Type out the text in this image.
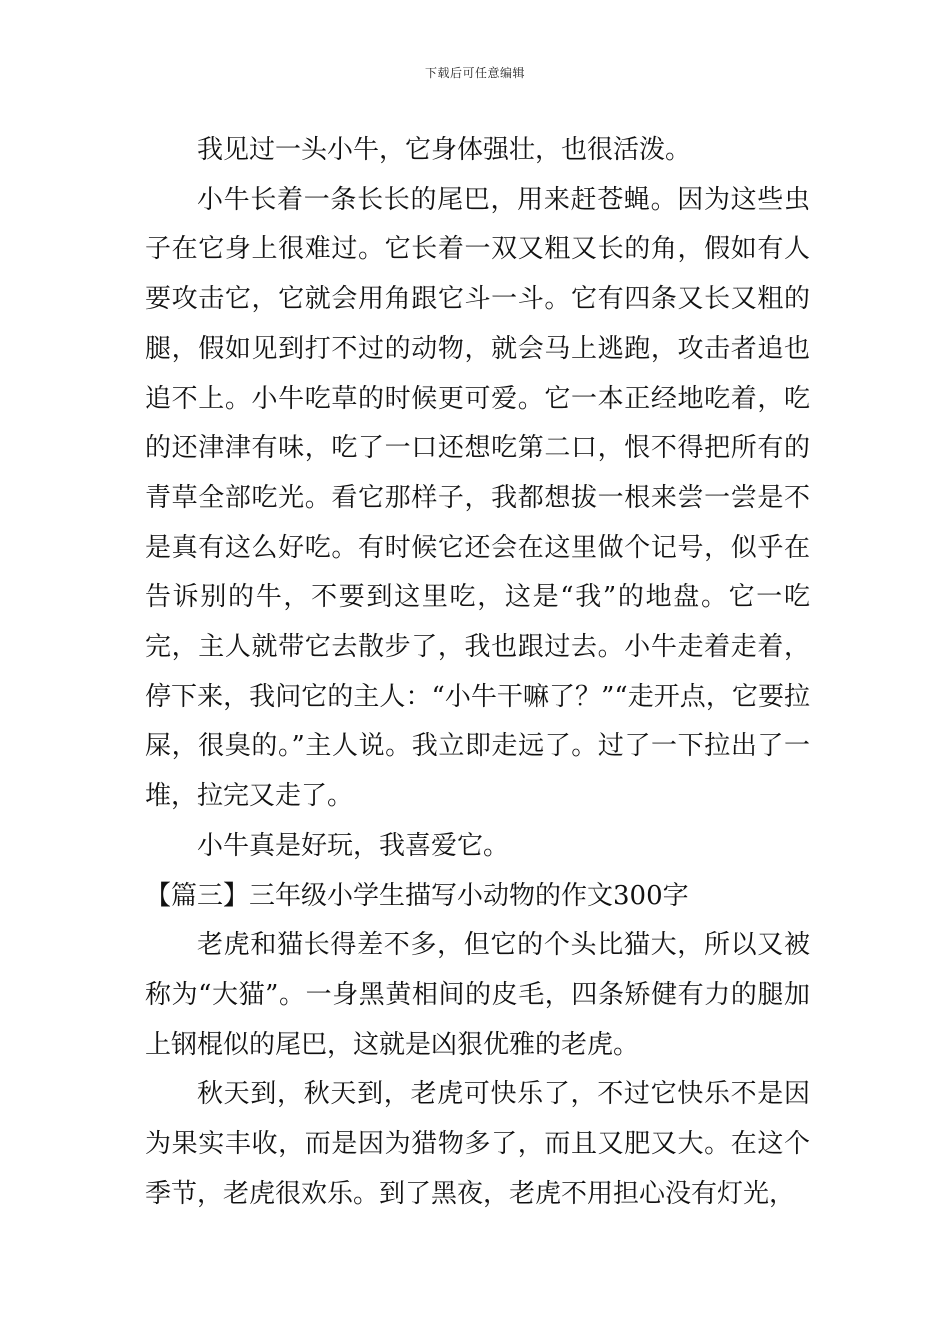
下载后可任意编辑

我见过一头小牛，它身体强壮，也很活泼。

小牛长着一条长长的尾巴，用来赶苍蝇。因为这些虫子在它身上很难过。它长着一双又粗又长的角，假如有人要攻击它，它就会用角跟它斗一斗。它有四条又长又粗的腿，假如见到打不过的动物，就会马上逃跑，攻击者追也追不上。小牛吃草的时候更可爱。它一本正经地吃着，吃的还津津有味，吃了一口还想吃第二口，恨不得把所有的青草全部吃光。看它那样子，我都想拔一根来尝一尝是不是真有这么好吃。有时候它还会在这里做个记号，似乎在告诉别的牛，不要到这里吃，这是“我”的地盘。它一吃完，主人就带它去散步了，我也跟过去。小牛走着走着，停下来，我问它的主人：“小牛干嘛了？”“走开点，它要拉屎，很臭的。”主人说。我立即走远了。过了一下拉出了一堆，拉完又走了。

小牛真是好玩，我喜爱它。

【篇三】三年级小学生描写小动物的作文300字

老虎和猫长得差不多，但它的个头比猫大，所以又被称为“大猫”。一身黑黄相间的皮毛，四条矫健有力的腿加上钢棍似的尾巴，这就是凶狠优雅的老虎。

秋天到，秋天到，老虎可快乐了，不过它快乐不是因为果实丰收，而是因为猎物多了，而且又肥又大。在这个季节，老虎很欢乐。到了黑夜，老虎不用担心没有灯光，
